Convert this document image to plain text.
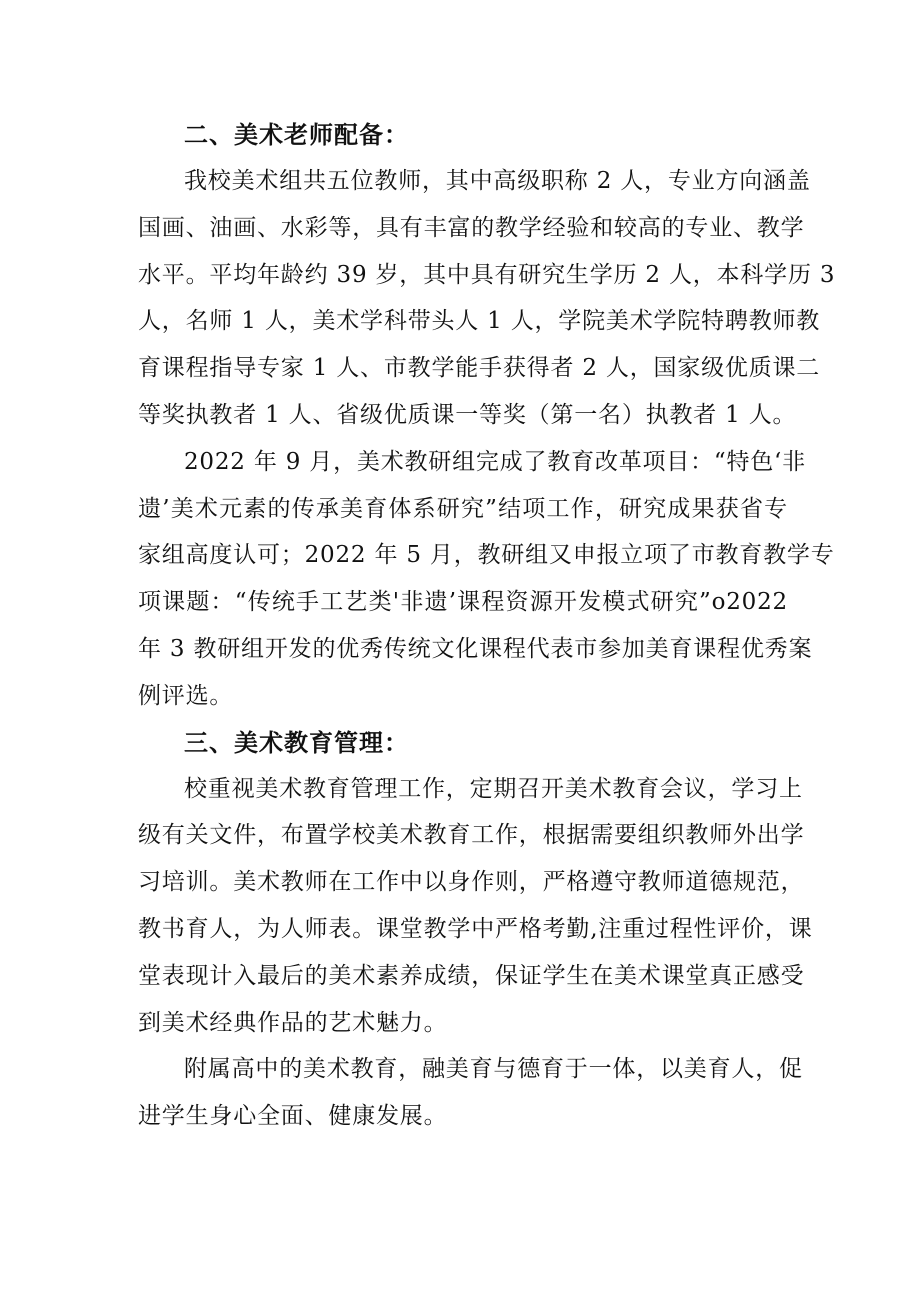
二、美术老师配备：

我校美术组共五位教师，其中高级职称 2 人，专业方向涵盖
国画、油画、水彩等，具有丰富的教学经验和较高的专业、教学
水平。平均年龄约 39 岁，其中具有研究生学历 2 人，本科学历 3
人，名师 1 人，美术学科带头人 1 人，学院美术学院特聘教师教
育课程指导专家 1 人、市教学能手获得者 2 人，国家级优质课二
等奖执教者 1 人、省级优质课一等奖（第一名）执教者 1 人。

2022 年 9 月，美术教研组完成了教育改革项目：“特色‘非
遗’美术元素的传承美育体系研究”结项工作，研究成果获省专
家组高度认可；2022 年 5 月，教研组又申报立项了市教育教学专
项课题：“传统手工艺类'非遗’课程资源开发模式研究”o2022
年 3 教研组开发的优秀传统文化课程代表市参加美育课程优秀案
例评选。

三、美术教育管理：

校重视美术教育管理工作，定期召开美术教育会议，学习上
级有关文件，布置学校美术教育工作，根据需要组织教师外出学
习培训。美术教师在工作中以身作则，严格遵守教师道德规范，
教书育人，为人师表。课堂教学中严格考勤,注重过程性评价，课
堂表现计入最后的美术素养成绩，保证学生在美术课堂真正感受
到美术经典作品的艺术魅力。

附属高中的美术教育，融美育与德育于一体，以美育人，促
进学生身心全面、健康发展。
